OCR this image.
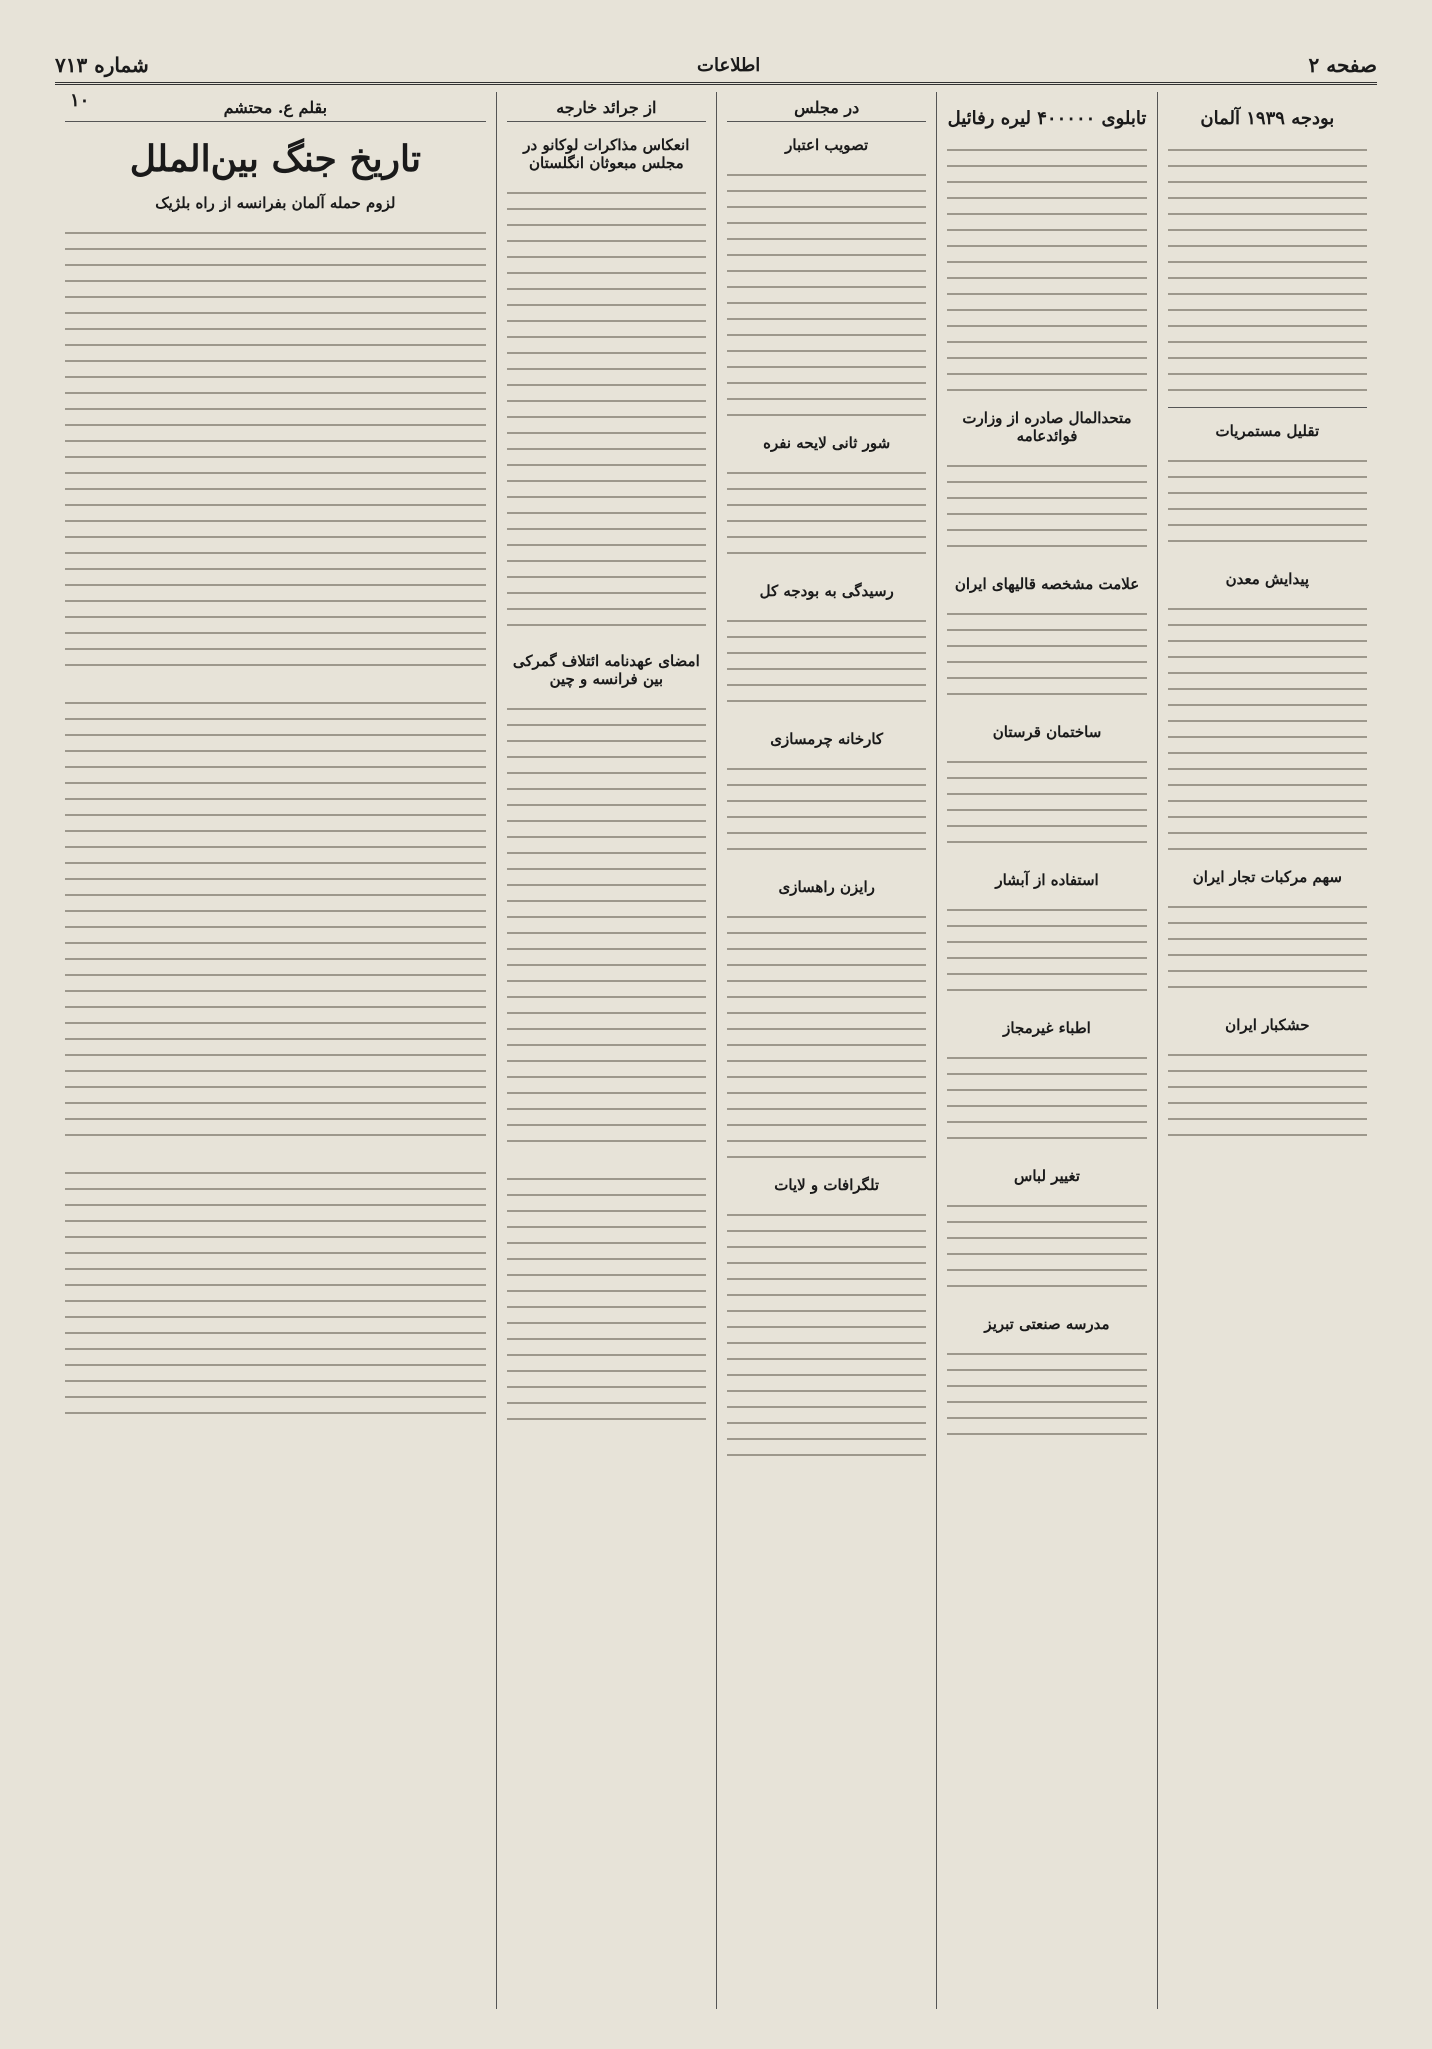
صفحه ۲
اطلاعات
شماره ۷۱۳
بودجه ۱۹۳۹ آلمان
تقلیل مستمریات
پیدایش معدن
سهم مرکبات تجار ایران
حشکبار ایران
تابلوی ۴۰۰۰۰۰ لیره رفائیل
متحدالمال صادره از وزارت فوائدعامه
علامت مشخصه قالیهای ایران
ساختمان قرستان
استفاده از آبشار
اطباء غیرمجاز
تغییر لباس
مدرسه صنعتی تبریز
در مجلس
تصویب اعتبار
شور ثانی لایحه نفره
رسیدگی به بودجه کل
کارخانه چرمسازی
رایزن راهسازی
تلگرافات و لایات
از جرائد خارجه
انعکاس مذاکرات لوکانو در مجلس مبعوثان انگلستان
امضای عهدنامه ائتلاف گمرکی بین فرانسه و چین
بقلم ع. محتشم
تاریخ جنگ بین‌الملل
لزوم حمله آلمان بفرانسه از راه بلژیک
۱۰
